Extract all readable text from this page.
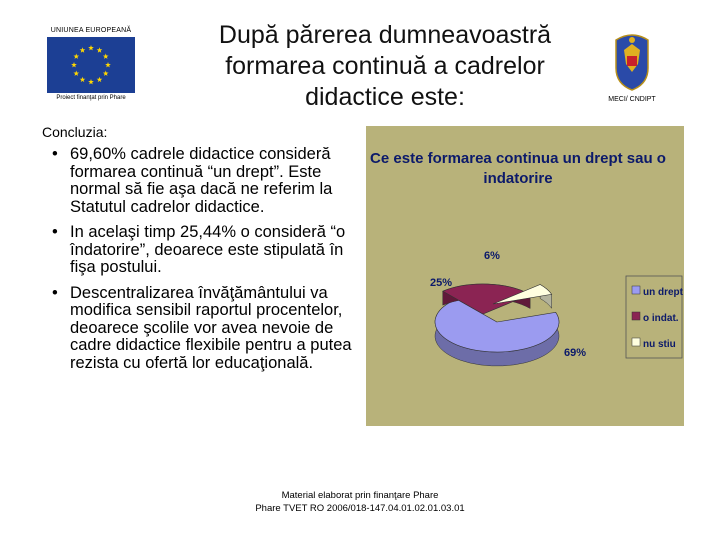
UNIUNEA EUROPEANĂ
Proiect finanţat prin Phare
După părerea dumneavoastră
formarea continuă a cadrelor
didactice este:	MECI/ CNDIPT
Concluzia:
• 69,60% cadrele didactice consideră formarea continuă “un drept”. Este normal să fie aşa dacă ne referim la Statutul cadrelor didactice.
• In acelaşi timp 25,44% o consideră “o îndatorire”, deoarece este stipulată în fişa postului.
• Descentralizarea învăţământului va modifica sensibil raportul procentelor, deoarece şcolile vor avea nevoie de cadre didactice flexibile pentru a putea rezista cu ofertă lor educaţională.
Ce este formarea continua un drept sau o
indatorire
69%
25%
6%
un drept
o indat.
nu stiu
Material elaborat prin finanţare Phare
Phare TVET RO 2006/018-147.04.01.02.01.03.01
